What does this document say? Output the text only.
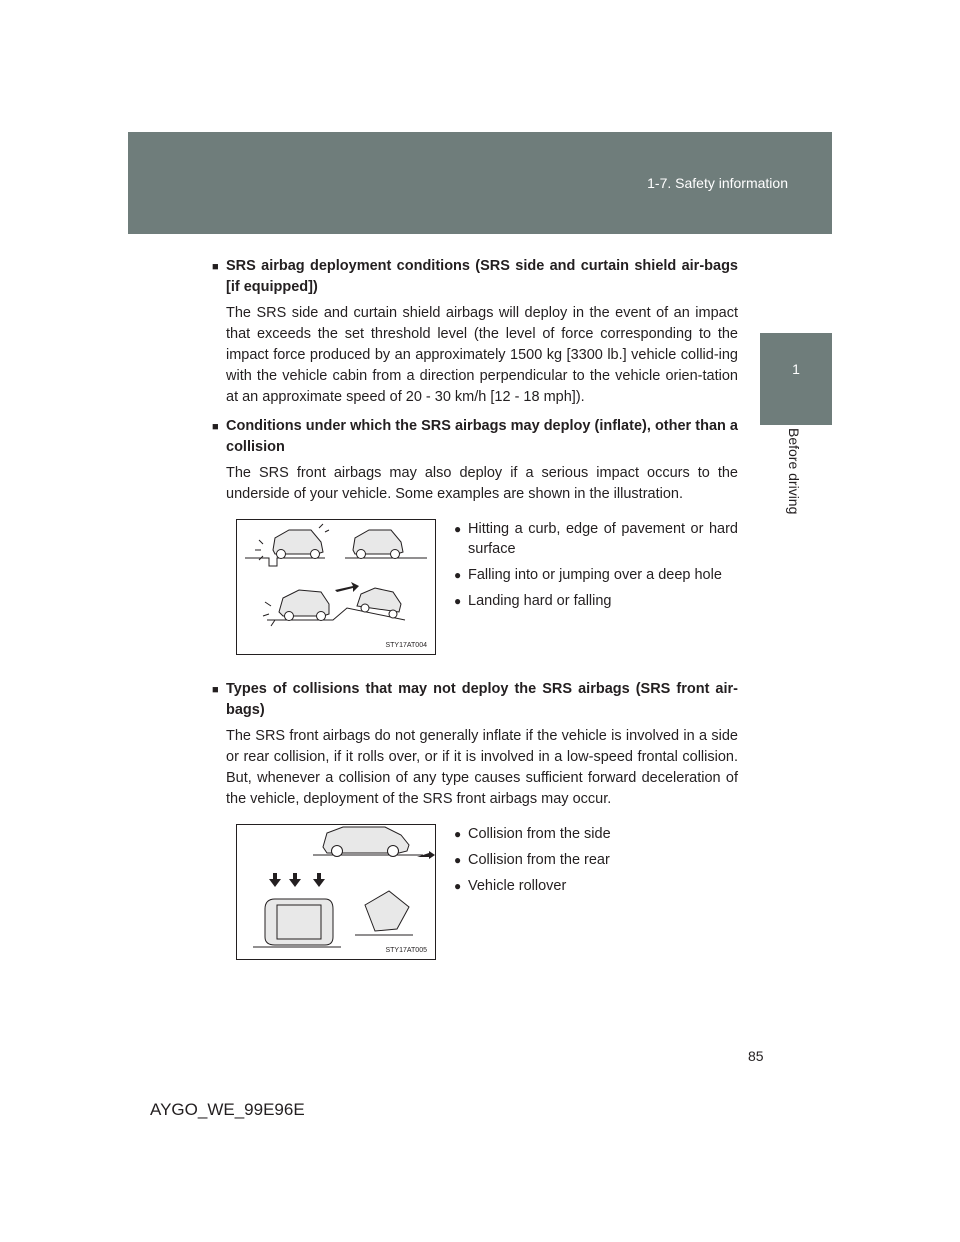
1-7. Safety information
1
Before driving
■ SRS airbag deployment conditions (SRS side and curtain shield air-bags [if equipped])

The SRS side and curtain shield airbags will deploy in the event of an impact that exceeds the set threshold level (the level of force corresponding to the impact force produced by an approximately 1500 kg [3300 lb.] vehicle collid-ing with the vehicle cabin from a direction perpendicular to the vehicle orien-tation at an approximate speed of 20 - 30 km/h [12 - 18 mph]).

■ Conditions under which the SRS airbags may deploy (inflate), other than a collision

The SRS front airbags may also deploy if a serious impact occurs to the underside of your vehicle. Some examples are shown in the illustration.

STY17AT004
● Hitting a curb, edge of pavement or hard surface
● Falling into or jumping over a deep hole
● Landing hard or falling
■ Types of collisions that may not deploy the SRS airbags (SRS front air-bags)

The SRS front airbags do not generally inflate if the vehicle is involved in a side or rear collision, if it rolls over, or if it is involved in a low-speed frontal collision. But, whenever a collision of any type causes sufficient forward deceleration of the vehicle, deployment of the SRS front airbags may occur.

STY17AT005
● Collision from the side
● Collision from the rear
● Vehicle rollover
85
AYGO_WE_99E96E
